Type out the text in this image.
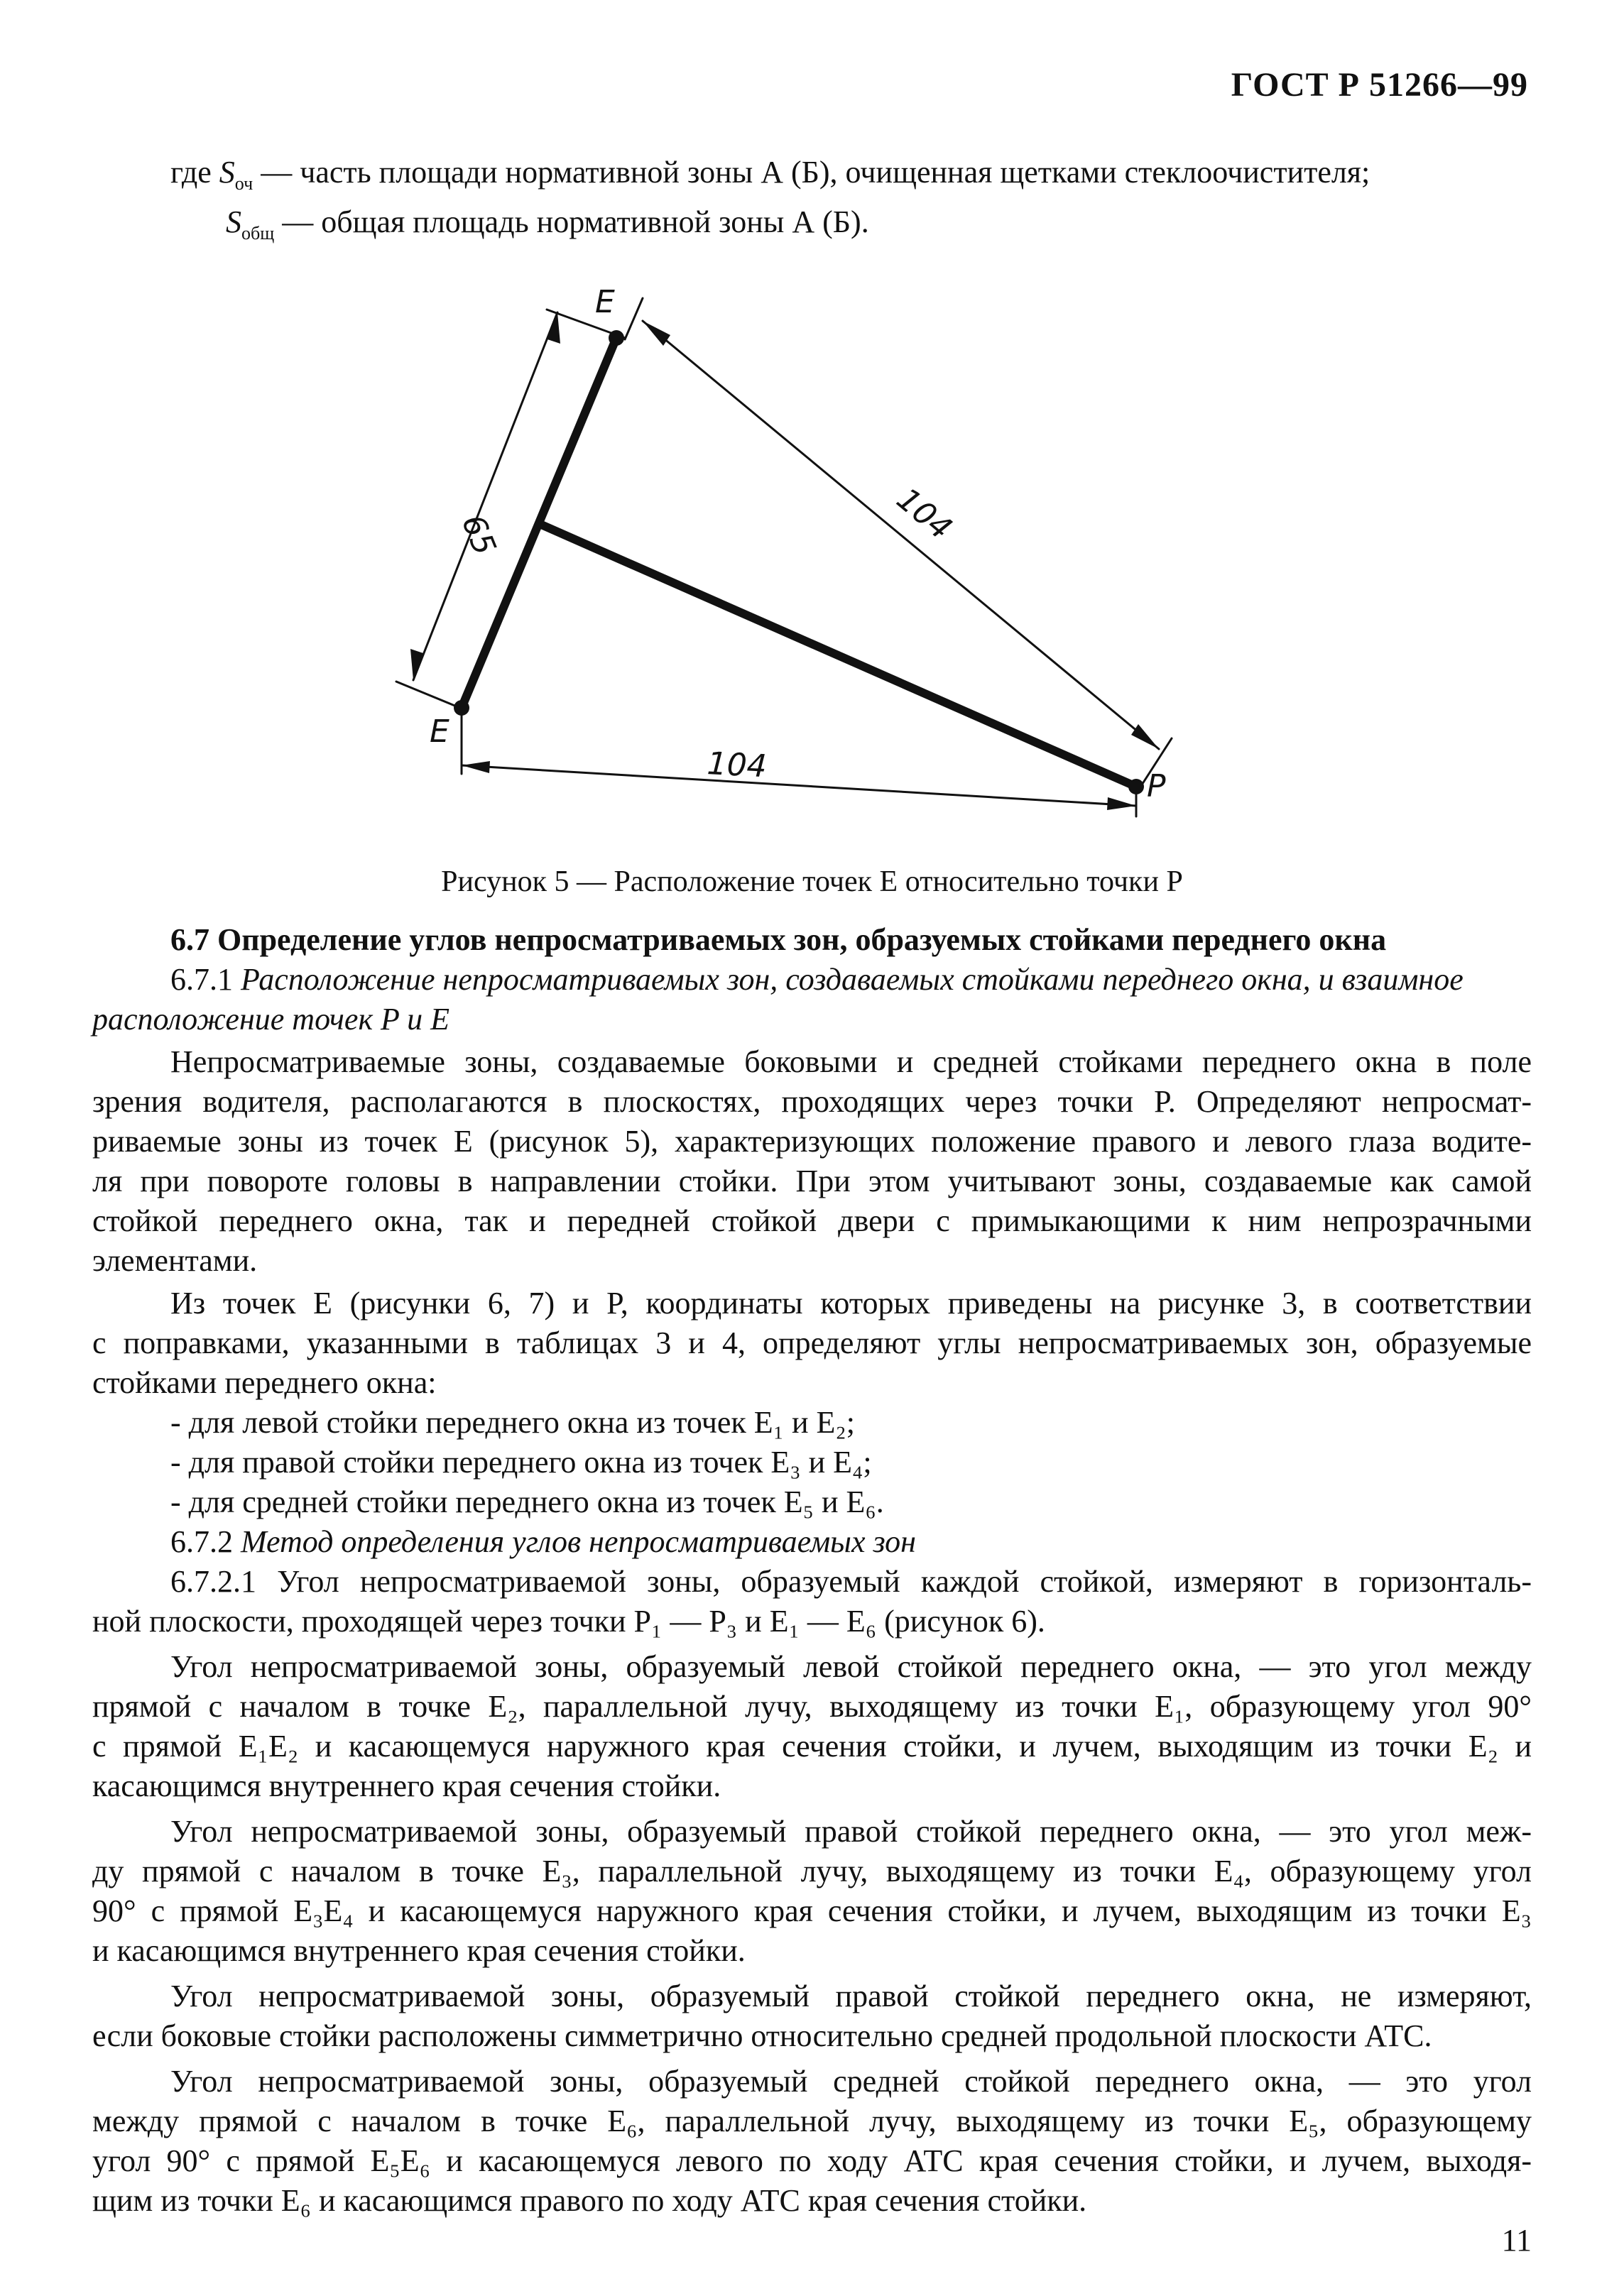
ГОСТ Р 51266—99
где $S_{оч}$ — часть площади нормативной зоны А (Б), очищенная щетками стеклоочистителя;
$S_{общ}$ — общая площадь нормативной зоны А (Б).
E
E
P
65	104
104
Рисунок 5 — Расположение точек E относительно точки P
6.7 Определение углов непросматриваемых зон, образуемых стойками переднего окна
6.7.1 Расположение непросматриваемых зон, создаваемых стойками переднего окна, и взаимное
расположение точек P и E
Непросматриваемые зоны, создаваемые боковыми и средней стойками переднего окна в поле
зрения водителя, располагаются в плоскостях, проходящих через точки P. Определяют непросмат-
риваемые зоны из точек E (рисунок 5), характеризующих положение правого и левого глаза водите-
ля при повороте головы в направлении стойки. При этом учитывают зоны, создаваемые как самой
стойкой переднего окна, так и передней стойкой двери с примыкающими к ним непрозрачными
элементами.
Из точек E (рисунки 6, 7) и P, координаты которых приведены на рисунке 3, в соответствии
с поправками, указанными в таблицах 3 и 4, определяют углы непросматриваемых зон, образуемые
стойками переднего окна:
- для левой стойки переднего окна из точек E₁ и E₂;
- для правой стойки переднего окна из точек E₃ и E₄;
- для средней стойки переднего окна из точек E₅ и E₆.
6.7.2 Метод определения углов непросматриваемых зон
6.7.2.1 Угол непросматриваемой зоны, образуемый каждой стойкой, измеряют в горизонталь-
ной плоскости, проходящей через точки P₁ — P₃ и E₁ — E₆ (рисунок 6).
Угол непросматриваемой зоны, образуемый левой стойкой переднего окна, — это угол между
прямой с началом в точке E₂, параллельной лучу, выходящему из точки E₁, образующему угол 90°
с прямой E₁E₂ и касающемуся наружного края сечения стойки, и лучем, выходящим из точки E₂ и
касающимся внутреннего края сечения стойки.
Угол непросматриваемой зоны, образуемый правой стойкой переднего окна, — это угол меж-
ду прямой с началом в точке E₃, параллельной лучу, выходящему из точки E₄, образующему угол
90° с прямой E₃E₄ и касающемуся наружного края сечения стойки, и лучем, выходящим из точки E₃
и касающимся внутреннего края сечения стойки.
Угол непросматриваемой зоны, образуемый правой стойкой переднего окна, не измеряют,
если боковые стойки расположены симметрично относительно средней продольной плоскости АТС.
Угол непросматриваемой зоны, образуемый средней стойкой переднего окна, — это угол
между прямой с началом в точке E₆, параллельной лучу, выходящему из точки E₅, образующему
угол 90° с прямой E₅E₆ и касающемуся левого по ходу АТС края сечения стойки, и лучем, выходя-
щим из точки E₆ и касающимся правого по ходу АТС края сечения стойки.
11
